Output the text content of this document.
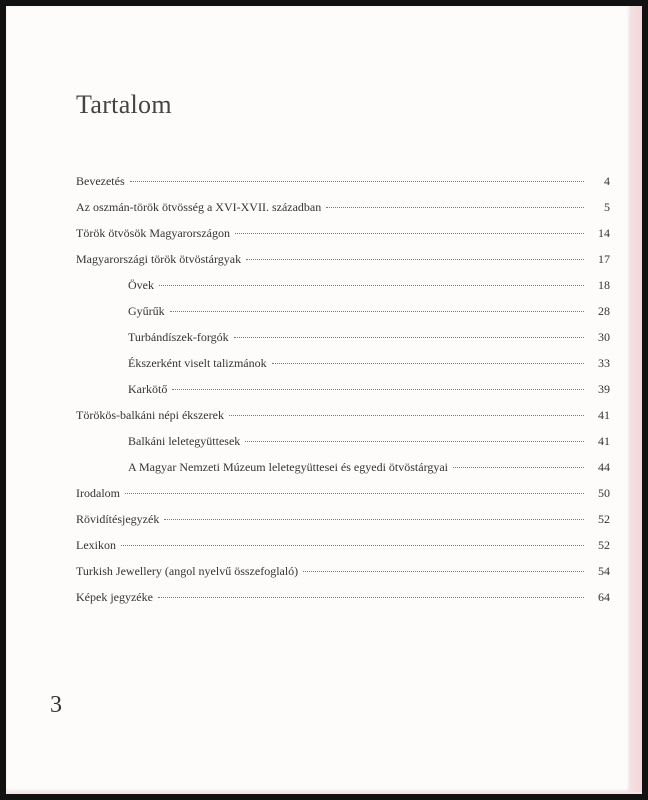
Tartalom
Bevezetés	4
Az oszmán-török ötvösség a XVI-XVII. században	5
Török ötvösök Magyarországon	14
Magyarországi török ötvöstárgyak	17
Övek	18
Gyűrűk	28
Turbándíszek-forgók	30
Ékszerként viselt talizmánok	33
Karkötő	39
Törökös-balkáni népi ékszerek	41
Balkáni leletegyüttesek	41
A Magyar Nemzeti Múzeum leletegyüttesei és egyedi ötvöstárgyai	44
Irodalom	50
Rövidítésjegyzék	52
Lexikon	52
Turkish Jewellery (angol nyelvű összefoglaló)	54
Képek jegyzéke	64
3
